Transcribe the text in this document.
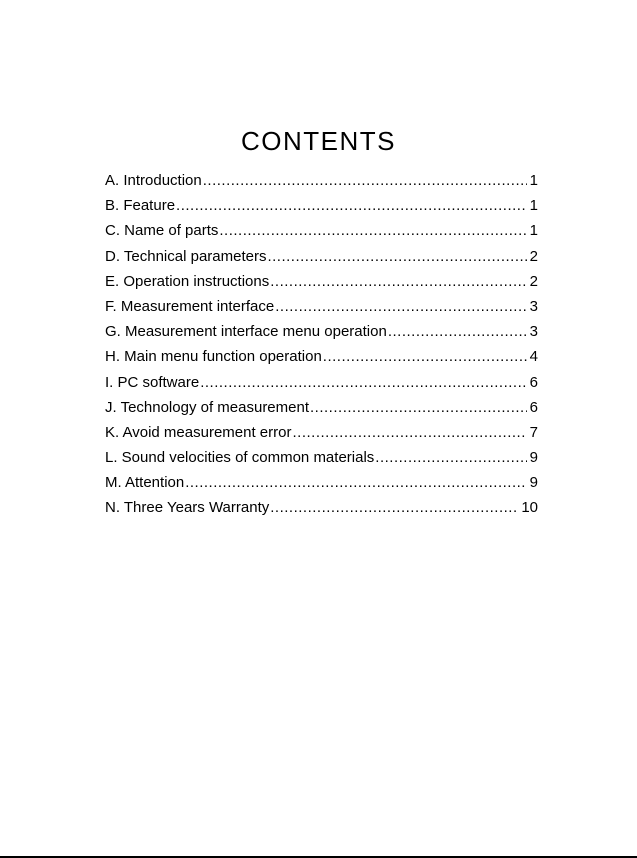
CONTENTS
A. Introduction .....	1
B. Feature .....	1
C. Name of parts .....	1
D. Technical parameters .....	2
E. Operation instructions .....	2
F. Measurement interface .....	3
G. Measurement interface menu operation .....	3
H. Main menu function operation .....	4
I. PC software .....	6
J. Technology of measurement .....	6
K. Avoid measurement error .....	7
L. Sound velocities of common materials .....	9
M. Attention .....	9
N. Three Years Warranty .....	10
